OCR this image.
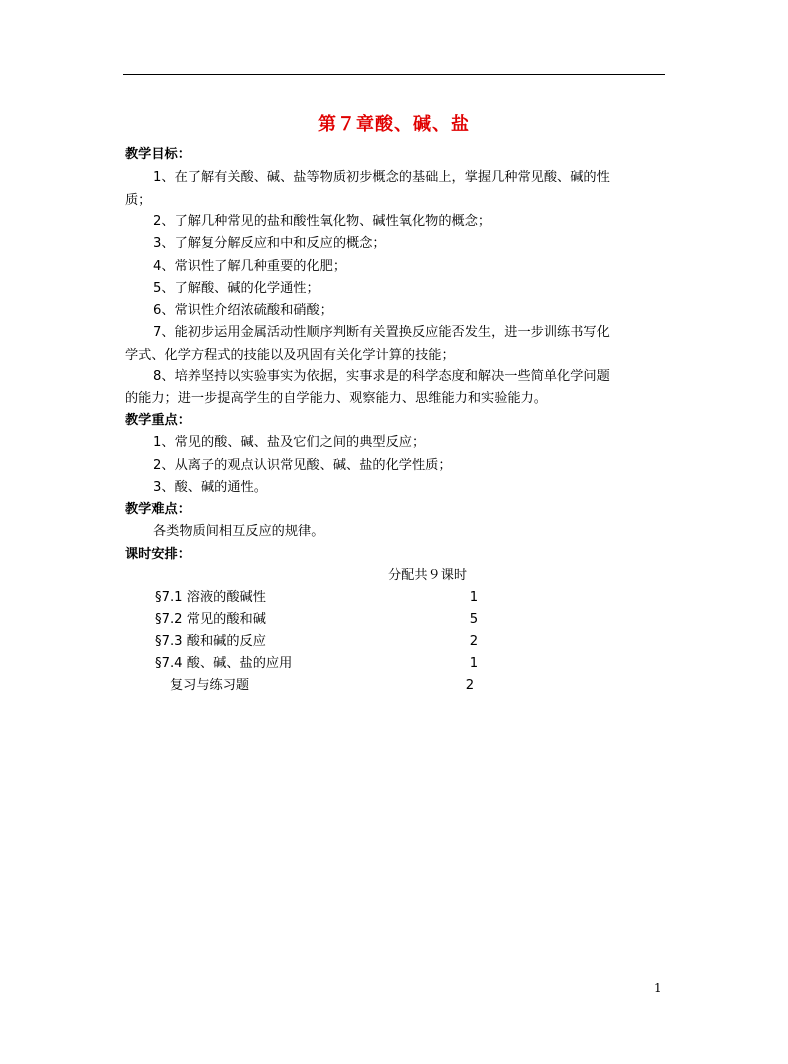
第７章酸、碱、盐
教学目标：
1、在了解有关酸、碱、盐等物质初步概念的基础上，掌握几种常见酸、碱的性
质；
2、了解几种常见的盐和酸性氧化物、碱性氧化物的概念；
3、了解复分解反应和中和反应的概念；
4、常识性了解几种重要的化肥；
5、了解酸、碱的化学通性；
6、常识性介绍浓硫酸和硝酸；
7、能初步运用金属活动性顺序判断有关置换反应能否发生，进一步训练书写化
学式、化学方程式的技能以及巩固有关化学计算的技能；
8、培养坚持以实验事实为依据，实事求是的科学态度和解决一些简单化学问题
的能力；进一步提高学生的自学能力、观察能力、思维能力和实验能力。
教学重点：
1、常见的酸、碱、盐及它们之间的典型反应；
2、从离子的观点认识常见酸、碱、盐的化学性质；
3、酸、碱的通性。
教学难点：
各类物质间相互反应的规律。
课时安排：
分配共９课时
§7.1 溶液的酸碱性	1
§7.2 常见的酸和碱	5
§7.3 酸和碱的反应	2
§7.4 酸、碱、盐的应用	1
复习与练习题	2
1
